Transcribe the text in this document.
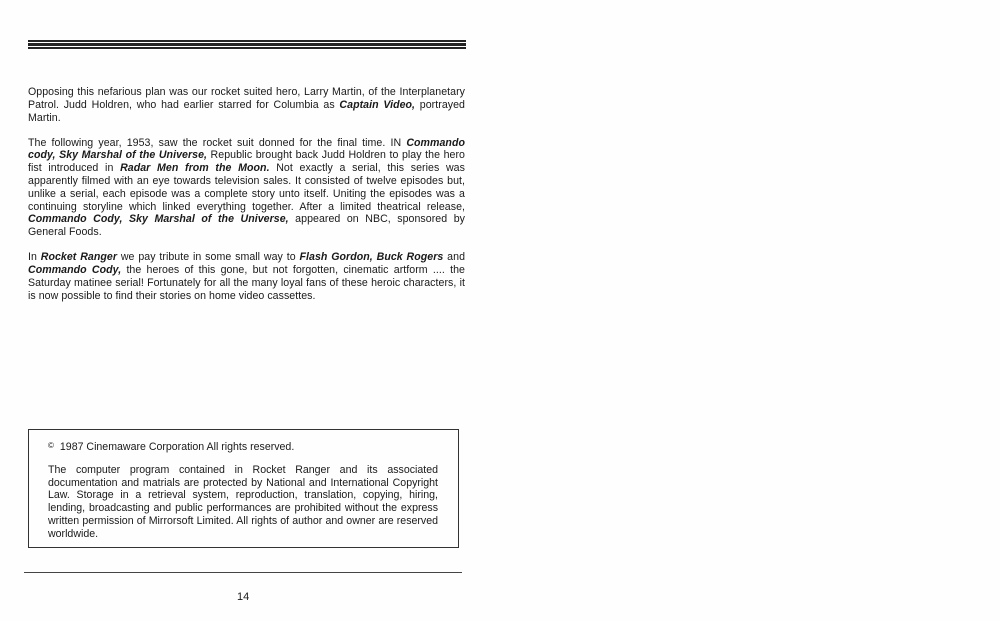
Opposing this nefarious plan was our rocket suited hero, Larry Martin, of the Interplanetary Patrol. Judd Holdren, who had earlier starred for Columbia as Captain Video, portrayed Martin.

The following year, 1953, saw the rocket suit donned for the final time. IN Commando cody, Sky Marshal of the Universe, Republic brought back Judd Holdren to play the hero fist introduced in Radar Men from the Moon. Not exactly a serial, this series was apparently filmed with an eye towards television sales. It consisted of twelve episodes but, unlike a serial, each episode was a complete story unto itself. Uniting the episodes was a continuing storyline which linked everything together. After a limited theatrical release, Commando Cody, Sky Marshal of the Universe, appeared on NBC, sponsored by General Foods.

In Rocket Ranger we pay tribute in some small way to Flash Gordon, Buck Rogers and Commando Cody, the heroes of this gone, but not forgotten, cinematic artform .... the Saturday matinee serial! Fortunately for all the many loyal fans of these heroic characters, it is now possible to find their stories on home video cassettes.

© 1987 Cinemaware Corporation All rights reserved.

The computer program contained in Rocket Ranger and its associated documentation and matrials are protected by National and International Copyright Law. Storage in a retrieval system, reproduction, translation, copying, hiring, lending, broadcasting and public performances are prohibited without the express written permission of Mirrorsoft Limited. All rights of author and owner are reserved worldwide.

14
